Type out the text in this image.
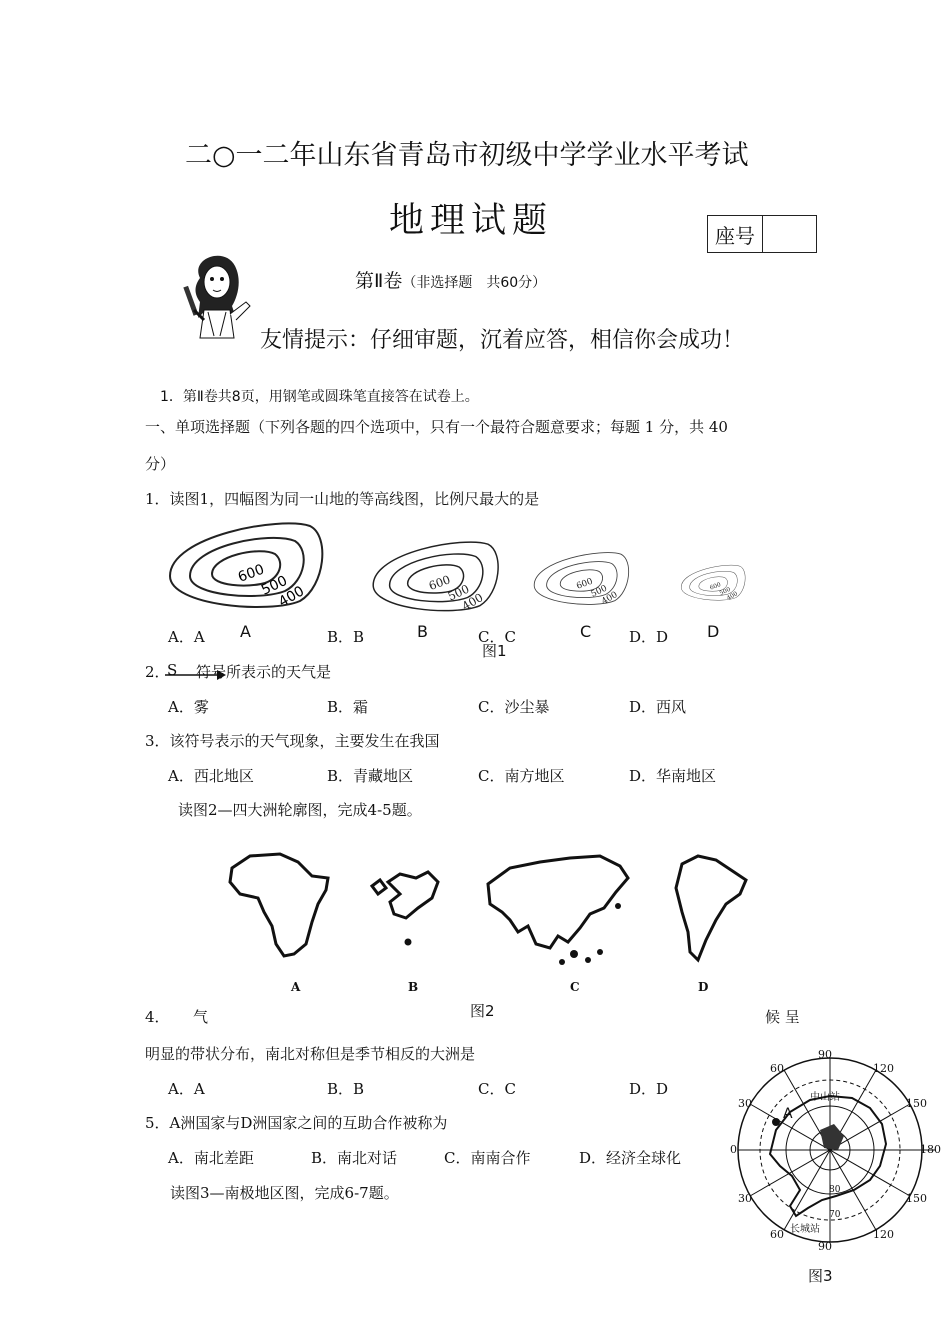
二○一二年山东省青岛市初级中学学业水平考试
地理试题	座号
第Ⅱ卷（非选择题　共60分）
友情提示：仔细审题，沉着应答，相信你会成功！
1．第Ⅱ卷共8页，用钢笔或圆珠笔直接答在试卷上。
一、单项选择题（下列各题的四个选项中，只有一个最符合题意要求；每题 1 分，共 40
分）
1．读图1，四幅图为同一山地的等高线图，比例尺最大的是
600
500
400
600
500
400
600
500
400
600
500
400
A．A A	B．B	B	C．C	C	D．D D
图1
2．
S 符号所表示的天气是
A．雾	B．霜	C．沙尘暴	D．西风
3．该符号表示的天气现象，主要发生在我国
A．西北地区	B．青藏地区	C．南方地区	D．华南地区
读图2—四大洲轮廓图，完成4-5题。
A	B	C	D
图2
4． 气	候 呈
明显的带状分布，南北对称但是季节相反的大洲是
A．A	B．B	C．C	D．D
5．A洲国家与D洲国家之间的互助合作被称为
A．南北差距	B．南北对话	C．南南合作	D．经济全球化
读图3—南极地区图，完成6-7题。
90
120
150
180
60
30
0
30
60
90
120
150
中山站
长城站
A
80
70
图3
